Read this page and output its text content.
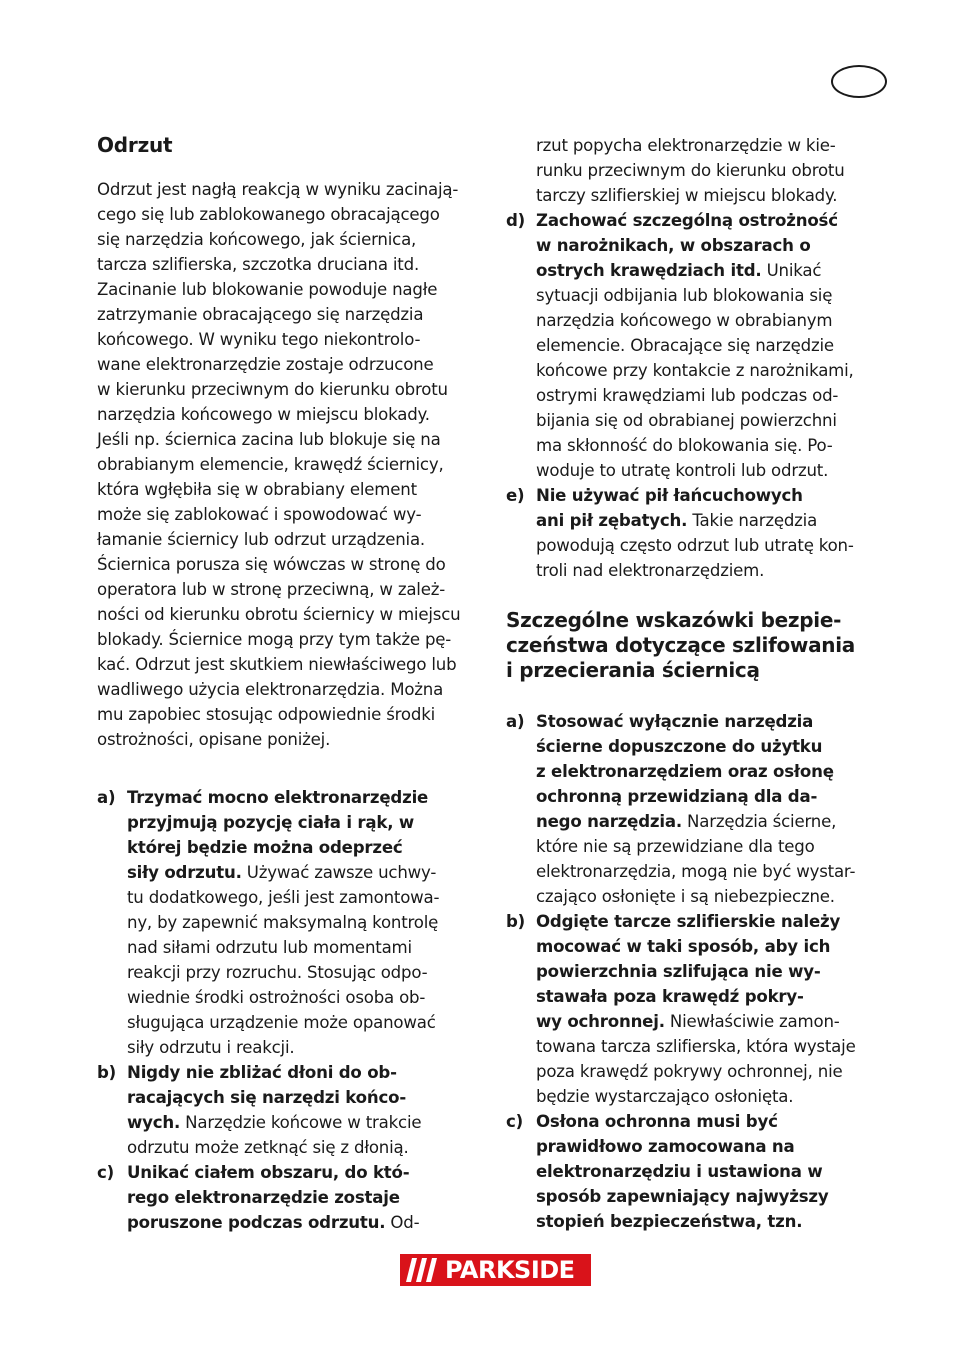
Odrzut
Odrzut jest nagłą reakcją w wyniku zacinają-
cego się lub zablokowanego obracającego
się narzędzia końcowego, jak ściernica,
tarcza szlifierska, szczotka druciana itd.
Zacinanie lub blokowanie powoduje nagłe
zatrzymanie obracającego się narzędzia
końcowego. W wyniku tego niekontrolo-
wane elektronarzędzie zostaje odrzucone
w kierunku przeciwnym do kierunku obrotu
narzędzia końcowego w miejscu blokady.
Jeśli np. ściernica zacina lub blokuje się na
obrabianym elemencie, krawędź ściernicy,
która wgłębiła się w obrabiany element
może się zablokować i spowodować wy-
łamanie ściernicy lub odrzut urządzenia.
Ściernica porusza się wówczas w stronę do
operatora lub w stronę przeciwną, w zależ-
ności od kierunku obrotu ściernicy w miejscu
blokady. Ściernice mogą przy tym także pę-
kać. Odrzut jest skutkiem niewłaściwego lub
wadliwego użycia elektronarzędzia. Można
mu zapobiec stosując odpowiednie środki
ostrożności, opisane poniżej.
a) Trzymać mocno elektronarzędzie
przyjmują pozycję ciała i rąk, w
której będzie można odeprzeć
siły odrzutu. Używać zawsze uchwy-
tu dodatkowego, jeśli jest zamontowa-
ny, by zapewnić maksymalną kontrolę
nad siłami odrzutu lub momentami
reakcji przy rozruchu. Stosując odpo-
wiednie środki ostrożności osoba ob-
sługująca urządzenie może opanować
siły odrzutu i reakcji.
b) Nigdy nie zbliżać dłoni do ob-
racających się narzędzi końco-
wych. Narzędzie końcowe w trakcie
odrzutu może zetknąć się z dłonią.
c) Unikać ciałem obszaru, do któ-
rego elektronarzędzie zostaje
poruszone podczas odrzutu. Od-
rzut popycha elektronarzędzie w kie-
runku przeciwnym do kierunku obrotu
tarczy szlifierskiej w miejscu blokady.
d) Zachować szczególną ostrożność
w narożnikach, w obszarach o
ostrych krawędziach itd. Unikać
sytuacji odbijania lub blokowania się
narzędzia końcowego w obrabianym
elemencie. Obracające się narzędzie
końcowe przy kontakcie z narożnikami,
ostrymi krawędziami lub podczas od-
bijania się od obrabianej powierzchni
ma skłonność do blokowania się. Po-
woduje to utratę kontroli lub odrzut.
e) Nie używać pił łańcuchowych
ani pił zębatych. Takie narzędzia
powodują często odrzut lub utratę kon-
troli nad elektronarzędziem.
Szczególne wskazówki bezpie-
czeństwa dotyczące szlifowania
i przecierania ściernicą
a) Stosować wyłącznie narzędzia
ścierne dopuszczone do użytku
z elektronarzędziem oraz osłonę
ochronną przewidzianą dla da-
nego narzędzia. Narzędzia ścierne,
które nie są przewidziane dla tego
elektronarzędzia, mogą nie być wystar-
czająco osłonięte i są niebezpieczne.
b) Odgięte tarcze szlifierskie należy
mocować w taki sposób, aby ich
powierzchnia szlifująca nie wy-
stawała poza krawędź pokry-
wy ochronnej. Niewłaściwie zamon-
towana tarcza szlifierska, która wystaje
poza krawędź pokrywy ochronnej, nie
będzie wystarczająco osłonięta.
c) Osłona ochronna musi być
prawidłowo zamocowana na
elektronarzędziu i ustawiona w
sposób zapewniający najwyższy
stopień bezpieczeństwa, tzn.
PARKSIDE
